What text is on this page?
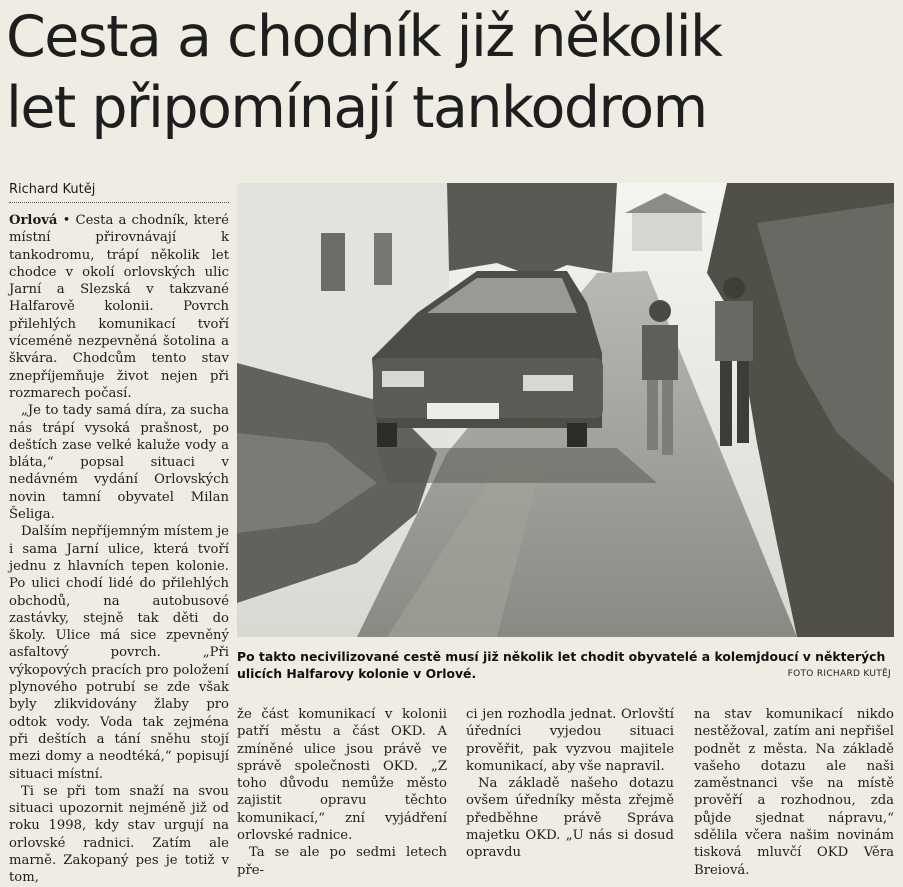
Cesta a chodník již několik
let připomínají tankodrom
Richard Kutěj

Orlová • Cesta a chodník, které místní přirovnávají k tankodromu, trápí několik let chodce v okolí orlovských ulic Jarní a Slezská v takzvané Halfarově kolonii. Povrch přilehlých komunikací tvoří víceméně nezpevněná šotolina a škvára. Chodcům tento stav znepříjemňuje život nejen při rozmarech počasí.

„Je to tady samá díra, za sucha nás trápí vysoká prašnost, po deštích zase velké kaluže vody a bláta,“ popsal situaci v nedávném vydání Orlovských novin tamní obyvatel Milan Šeliga.

Dalším nepříjemným místem je i sama Jarní ulice, která tvoří jednu z hlavních tepen kolonie. Po ulici chodí lidé do přilehlých obchodů, na autobusové zastávky, stejně tak děti do školy. Ulice má sice zpevněný asfaltový povrch. „Při výkopových pracích pro položení plynového potrubí se zde však byly zlikvidovány žlaby pro odtok vody. Voda tak zejména při deštích a tání sněhu stojí mezi domy a neodtéká,“ popisují situaci místní.

Ti se při tom snaží na svou situaci upozornit nejméně již od roku 1998, kdy stav urgují na orlovské radnici. Zatím ale marně. Zakopaný pes je totiž v tom,

Po takto necivilizované cestě musí již několik let chodit obyvatelé a kolemjdoucí v některých ulicích Halfarovy kolonie v Orlové.	FOTO RICHARD KUTĚJ

že část komunikací v kolonii patří městu a část OKD. A zmíněné ulice jsou právě ve správě společnosti OKD. „Z toho důvodu nemůže město zajistit opravu těchto komunikací,“ zní vyjádření orlovské radnice.

Ta se ale po sedmi letech pře-

ci jen rozhodla jednat. Orlovští úředníci vyjedou situaci prověřit, pak vyzvou majitele komunikací, aby vše napravil.

Na základě našeho dotazu ovšem úředníky města zřejmě předběhne právě Správa majetku OKD. „U nás si dosud opravdu

na stav komunikací nikdo nestěžoval, zatím ani nepřišel podnět z města. Na základě vašeho dotazu ale naši zaměstnanci vše na místě prověří a rozhodnou, zda půjde sjednat nápravu,“ sdělila včera našim novinám tisková mluvčí OKD Věra Breiová.
